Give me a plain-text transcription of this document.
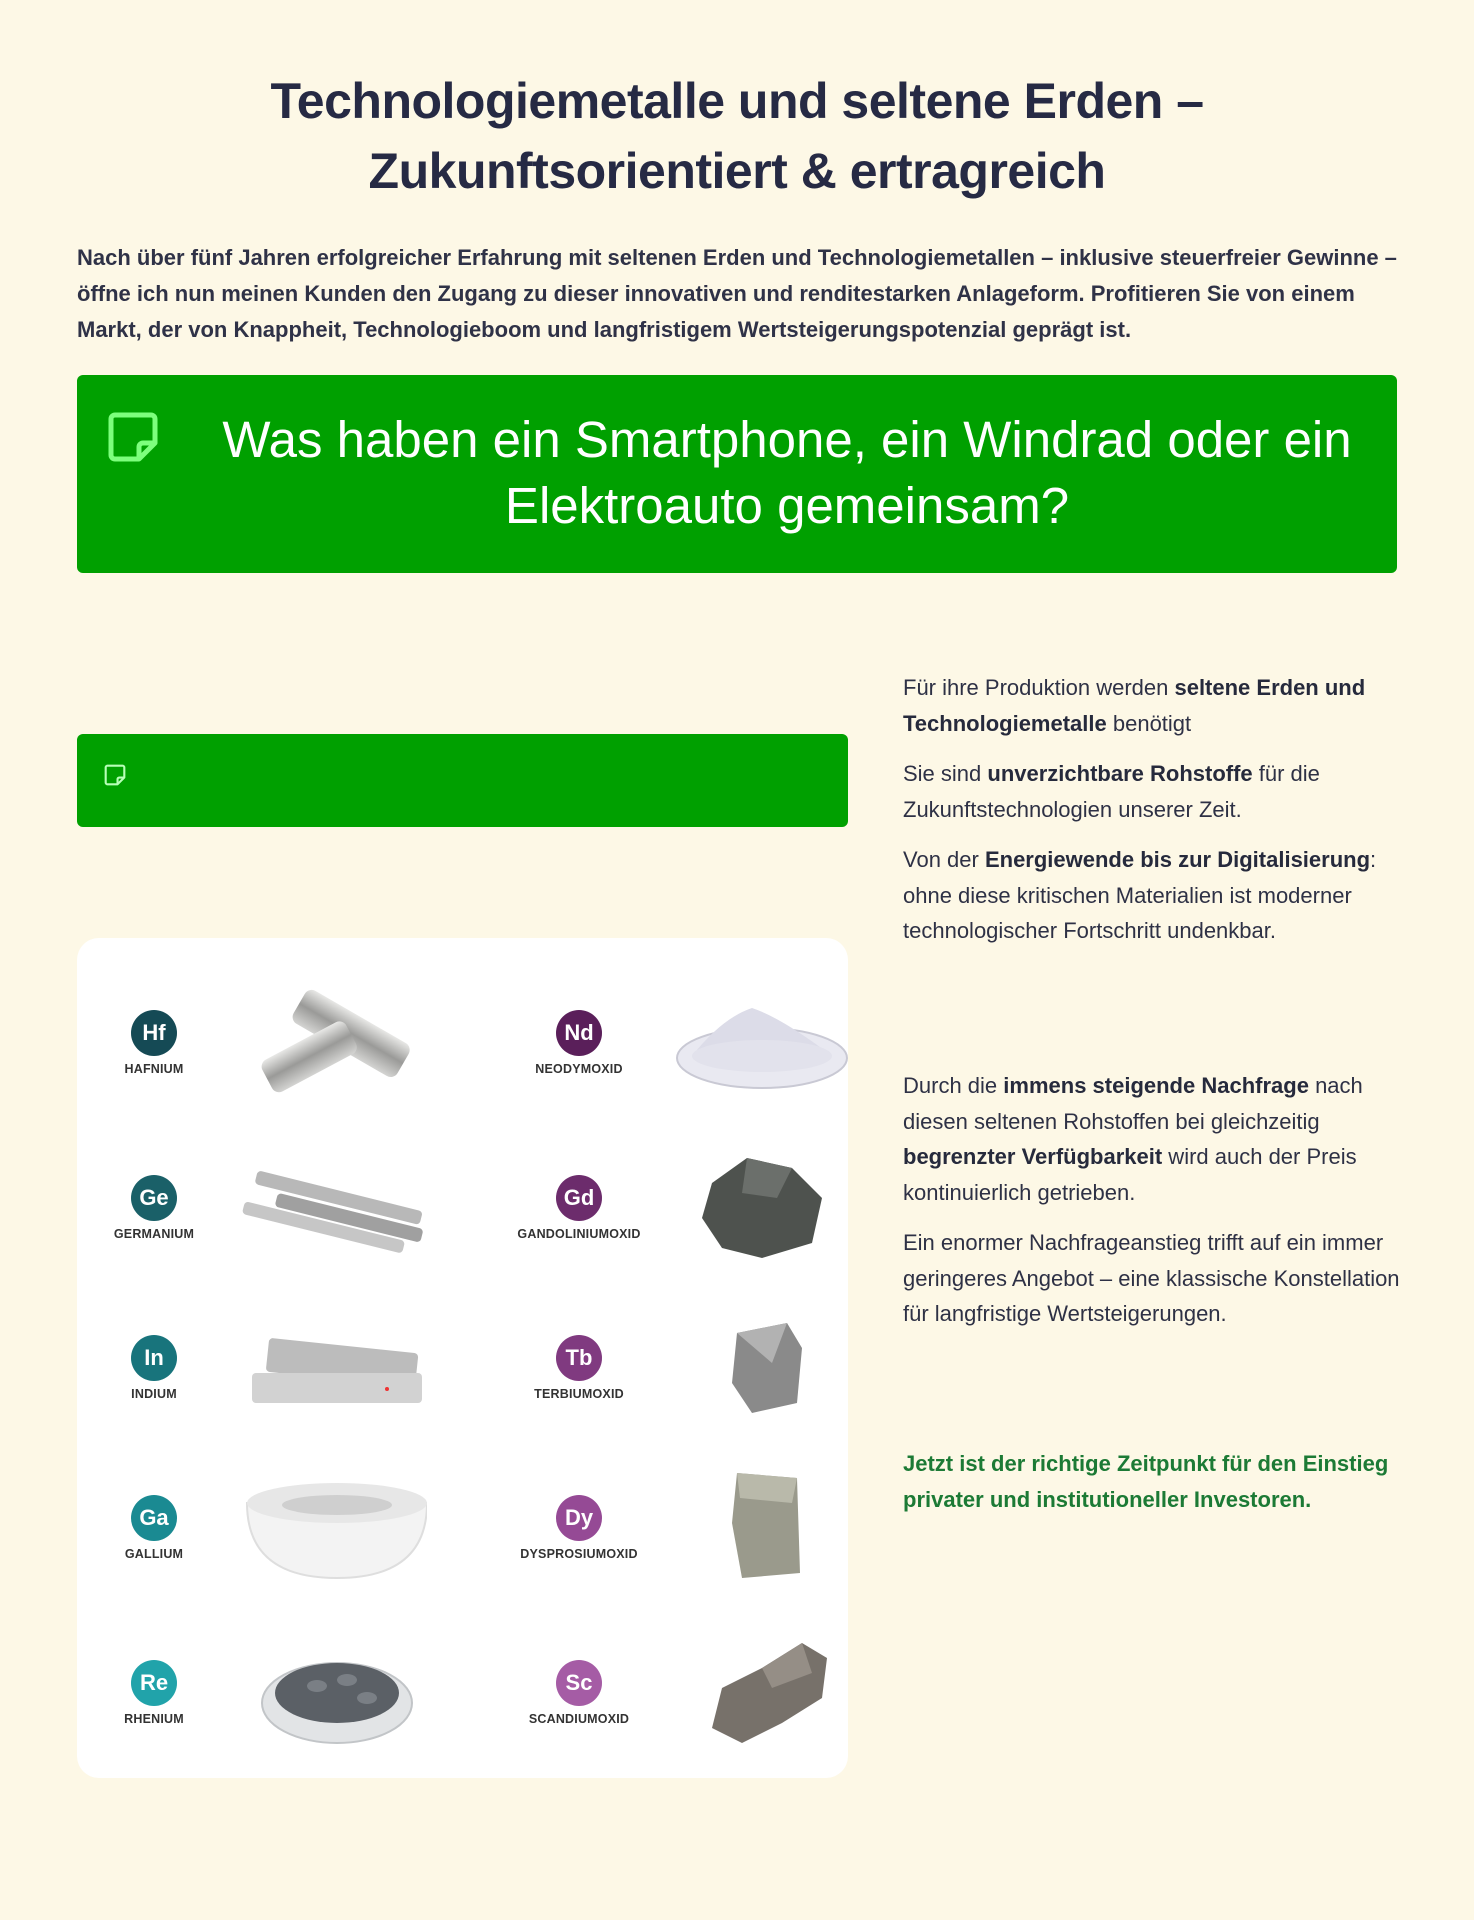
Technologiemetalle und seltene Erden – Zukunftsorientiert & ertragreich

Nach über fünf Jahren erfolgreicher Erfahrung mit seltenen Erden und Technologiemetallen – inklusive steuerfreier Gewinne – öffne ich nun meinen Kunden den Zugang zu dieser innovativen und renditestarken Anlageform. Profitieren Sie von einem Markt, der von Knappheit, Technologieboom und langfristigem Wertsteigerungspotenzial geprägt ist.

Was haben ein Smartphone, ein Windrad oder ein Elektroauto gemeinsam?
Hf
HAFNIUM
Nd
NEODYMOXID
Ge
GERMANIUM
Gd
GANDOLINIUMOXID
In
INDIUM
Tb
TERBIUMOXID
Ga
GALLIUM
Dy
DYSPROSIUMOXID
Re
RHENIUM
Sc
SCANDIUMOXID

Für ihre Produktion werden seltene Erden und Technologiemetalle benötigt

Sie sind unverzichtbare Rohstoffe für die Zukunftstechnologien unserer Zeit.

Von der Energiewende bis zur Digitalisierung: ohne diese kritischen Materialien ist moderner technologischer Fortschritt undenkbar.

Durch die immens steigende Nachfrage nach diesen seltenen Rohstoffen bei gleichzeitig begrenzter Verfügbarkeit wird auch der Preis kontinuierlich getrieben.

Ein enormer Nachfrageanstieg trifft auf ein immer geringeres Angebot – eine klassische Konstellation für langfristige Wertsteigerungen.

Jetzt ist der richtige Zeitpunkt für den Einstieg privater und institutioneller Investoren.
